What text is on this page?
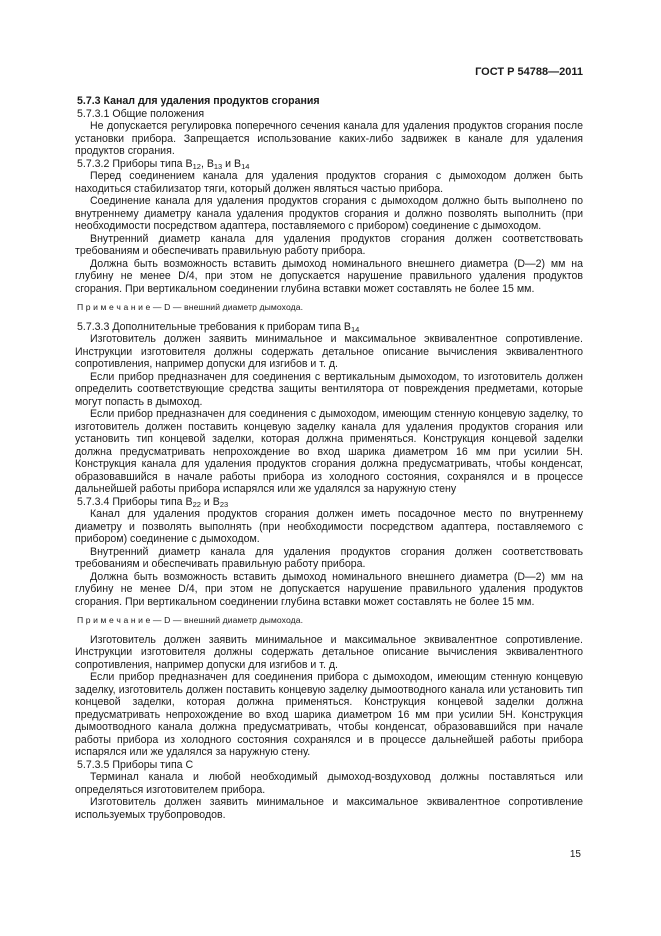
ГОСТ Р 54788—2011

5.7.3 Канал для удаления продуктов сгорания

5.7.3.1 Общие положения

Не допускается регулировка поперечного сечения канала для удаления продуктов сгорания после установки прибора. Запрещается использование каких-либо задвижек в канале для удаления продуктов сгорания.

5.7.3.2 Приборы типа $B_{12}$, $B_{13}$ и $B_{14}$

Перед соединением канала для удаления продуктов сгорания с дымоходом должен быть находиться стабилизатор тяги, который должен являться частью прибора.

Соединение канала для удаления продуктов сгорания с дымоходом должно быть выполнено по внутреннему диаметру канала удаления продуктов сгорания и должно позволять выполнить (при необходимости посредством адаптера, поставляемого с прибором) соединение с дымоходом.

Внутренний диаметр канала для удаления продуктов сгорания должен соответствовать требованиям и обеспечивать правильную работу прибора.

Должна быть возможность вставить дымоход номинального внешнего диаметра (D—2) мм на глубину не менее D/4, при этом не допускается нарушение правильного удаления продуктов сгорания. При вертикальном соединении глубина вставки может составлять не более 15 мм.

П р и м е ч а н и е — D — внешний диаметр дымохода.

5.7.3.3 Дополнительные требования к приборам типа $B_{14}$

Изготовитель должен заявить минимальное и максимальное эквивалентное сопротивление. Инструкции изготовителя должны содержать детальное описание вычисления эквивалентного сопротивления, например допуски для изгибов и т. д.

Если прибор предназначен для соединения с вертикальным дымоходом, то изготовитель должен определить соответствующие средства защиты вентилятора от повреждения предметами, которые могут попасть в дымоход.

Если прибор предназначен для соединения с дымоходом, имеющим стенную концевую заделку, то изготовитель должен поставить концевую заделку канала для удаления продуктов сгорания или установить тип концевой заделки, которая должна применяться. Конструкция концевой заделки должна предусматривать непрохождение во вход шарика диаметром 16 мм при усилии 5Н. Конструкция канала для удаления продуктов сгорания должна предусматривать, чтобы конденсат, образовавшийся в начале работы прибора из холодного состояния, сохранялся и в процессе дальнейшей работы прибора испарялся или же удалялся за наружную стену

5.7.3.4 Приборы типа $B_{22}$ и $B_{23}$

Канал для удаления продуктов сгорания должен иметь посадочное место по внутреннему диаметру и позволять выполнять (при необходимости посредством адаптера, поставляемого с прибором) соединение с дымоходом.

Внутренний диаметр канала для удаления продуктов сгорания должен соответствовать требованиям и обеспечивать правильную работу прибора.

Должна быть возможность вставить дымоход номинального внешнего диаметра (D—2) мм на глубину не менее D/4, при этом не допускается нарушение правильного удаления продуктов сгорания. При вертикальном соединении глубина вставки может составлять не более 15 мм.

П р и м е ч а н и е — D — внешний диаметр дымохода.

Изготовитель должен заявить минимальное и максимальное эквивалентное сопротивление. Инструкции изготовителя должны содержать детальное описание вычисления эквивалентного сопротивления, например допуски для изгибов и т. д.

Если прибор предназначен для соединения прибора с дымоходом, имеющим стенную концевую заделку, изготовитель должен поставить концевую заделку дымоотводного канала или установить тип концевой заделки, которая должна применяться. Конструкция концевой заделки должна предусматривать непрохождение во вход шарика диаметром 16 мм при усилии 5Н. Конструкция дымоотводного канала должна предусматривать, чтобы конденсат, образовавшийся при начале работы прибора из холодного состояния сохранялся и в процессе дальнейшей работы прибора испарялся или же удалялся за наружную стену.

5.7.3.5 Приборы типа C

Терминал канала и любой необходимый дымоход-воздуховод должны поставляться или определяться изготовителем прибора.

Изготовитель должен заявить минимальное и максимальное эквивалентное сопротивление используемых трубопроводов.

15
